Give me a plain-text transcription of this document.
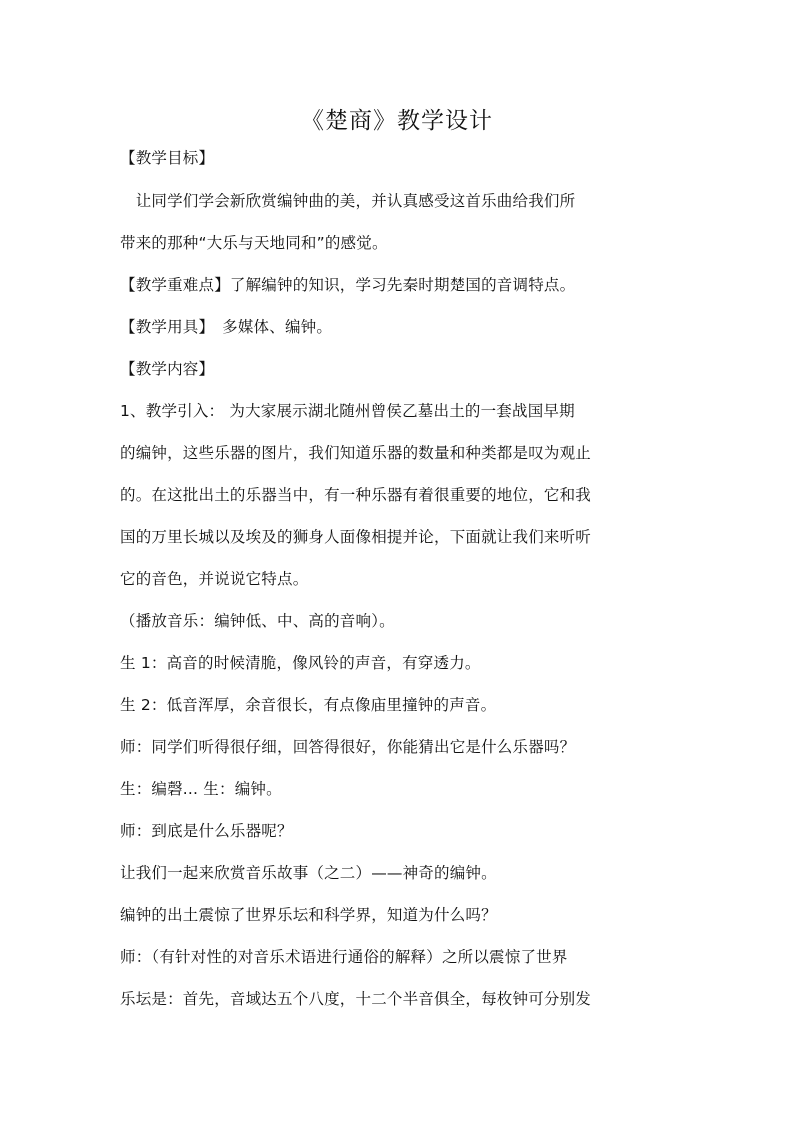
《楚商》教学设计
【教学目标】
　让同学们学会新欣赏编钟曲的美，并认真感受这首乐曲给我们所
带来的那种“大乐与天地同和”的感觉。
【教学重难点】了解编钟的知识，学习先秦时期楚国的音调特点。
【教学用具】　多媒体、编钟。
【教学内容】
1、教学引入： 为大家展示湖北随州曾侯乙墓出土的一套战国早期
的编钟，这些乐器的图片，我们知道乐器的数量和种类都是叹为观止
的。在这批出土的乐器当中，有一种乐器有着很重要的地位，它和我
国的万里长城以及埃及的狮身人面像相提并论，下面就让我们来听听
它的音色，并说说它特点。
（播放音乐：编钟低、中、高的音响）。
生 1：高音的时候清脆，像风铃的声音，有穿透力。
生 2：低音浑厚，余音很长，有点像庙里撞钟的声音。
师：同学们听得很仔细，回答得很好，你能猜出它是什么乐器吗？
生：编磬... 生：编钟。
师：到底是什么乐器呢？
让我们一起来欣赏音乐故事（之二）——神奇的编钟。
编钟的出土震惊了世界乐坛和科学界，知道为什么吗？
师：（有针对性的对音乐术语进行通俗的解释）之所以震惊了世界
乐坛是：首先，音域达五个八度，十二个半音俱全，每枚钟可分别发
